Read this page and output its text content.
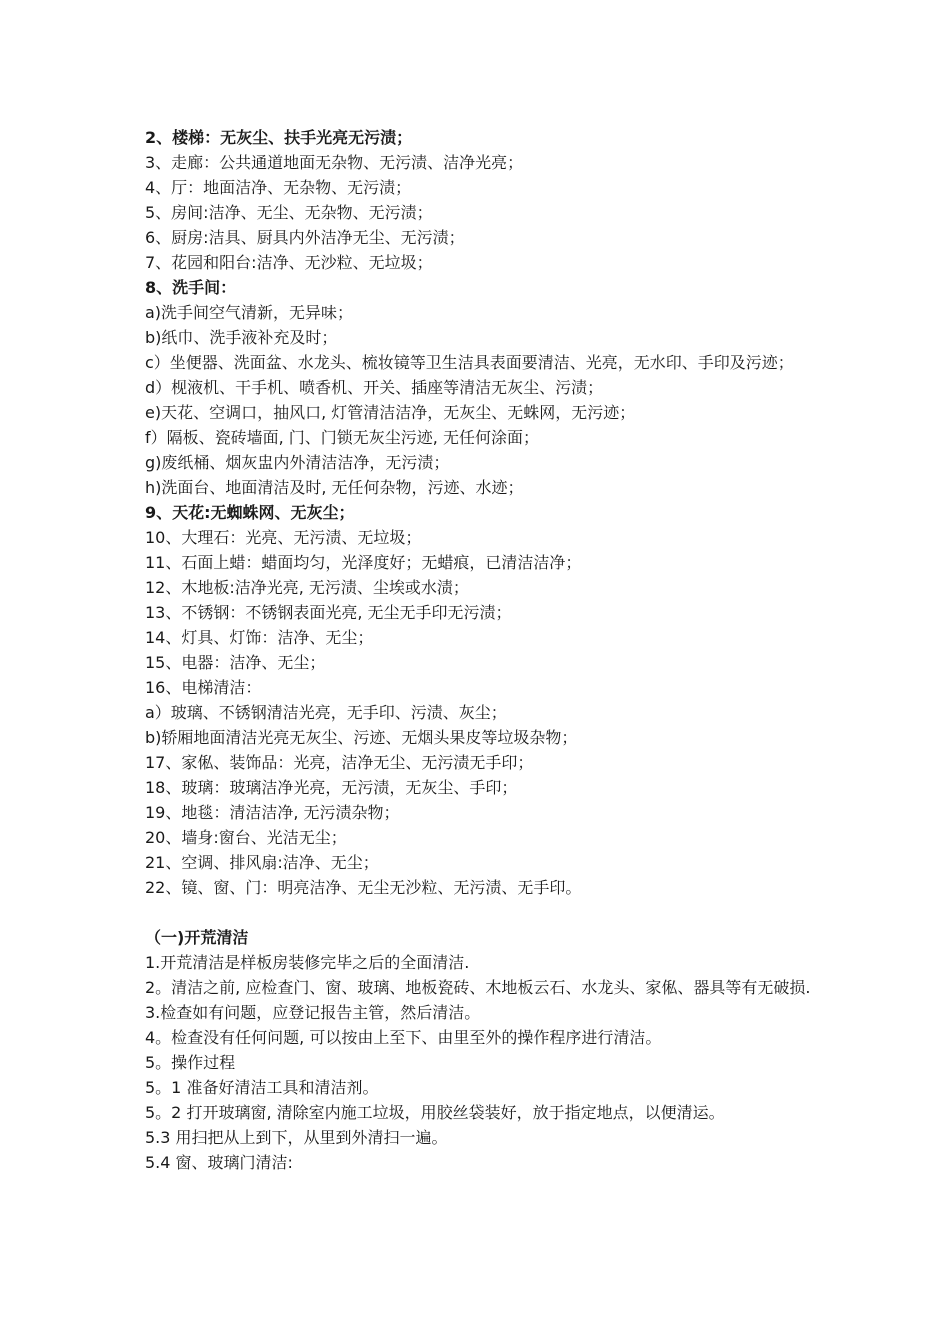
2、楼梯：无灰尘、扶手光亮无污渍；
3、走廊：公共通道地面无杂物、无污渍、洁净光亮；
4、厅：地面洁净、无杂物、无污渍；
5、房间:洁净、无尘、无杂物、无污渍；
6、厨房:洁具、厨具内外洁净无尘、无污渍；
7、花园和阳台:洁净、无沙粒、无垃圾；
8、洗手间：
a)洗手间空气清新，无异味；
b)纸巾、洗手液补充及时；
c）坐便器、洗面盆、水龙头、梳妆镜等卫生洁具表面要清洁、光亮，无水印、手印及污迹；
d）枧液机、干手机、喷香机、开关、插座等清洁无灰尘、污渍；
e)天花、空调口，抽风口, 灯管清洁洁净，无灰尘、无蛛网，无污迹；
f）隔板、瓷砖墙面, 门、门锁无灰尘污迹, 无任何涂面；
g)废纸桶、烟灰盅内外清洁洁净，无污渍；
h)洗面台、地面清洁及时, 无任何杂物，污迹、水迹；
9、天花:无蜘蛛网、无灰尘；
10、大理石：光亮、无污渍、无垃圾；
11、石面上蜡：蜡面均匀，光泽度好；无蜡痕，已清洁洁净；
12、木地板:洁净光亮, 无污渍、尘埃或水渍；
13、不锈钢：不锈钢表面光亮, 无尘无手印无污渍；
14、灯具、灯饰：洁净、无尘；
15、电器：洁净、无尘；
16、电梯清洁：
a）玻璃、不锈钢清洁光亮，无手印、污渍、灰尘；
b)轿厢地面清洁光亮无灰尘、污迹、无烟头果皮等垃圾杂物；
17、家俬、装饰品：光亮，洁净无尘、无污渍无手印；
18、玻璃：玻璃洁净光亮，无污渍，无灰尘、手印；
19、地毯：清洁洁净, 无污渍杂物；
20、墙身:窗台、光洁无尘；
21、空调、排风扇:洁净、无尘；
22、镜、窗、门：明亮洁净、无尘无沙粒、无污渍、无手印。
（一)开荒清洁
1.开荒清洁是样板房装修完毕之后的全面清洁.
2。清洁之前, 应检查门、窗、玻璃、地板瓷砖、木地板云石、水龙头、家俬、器具等有无破损.
3.检查如有问题，应登记报告主管，然后清洁。
4。检查没有任何问题, 可以按由上至下、由里至外的操作程序进行清洁。
5。操作过程
5。1 准备好清洁工具和清洁剂。
5。2 打开玻璃窗, 清除室内施工垃圾，用胶丝袋装好，放于指定地点，以便清运。
5.3 用扫把从上到下，从里到外清扫一遍。
5.4 窗、玻璃门清洁:
